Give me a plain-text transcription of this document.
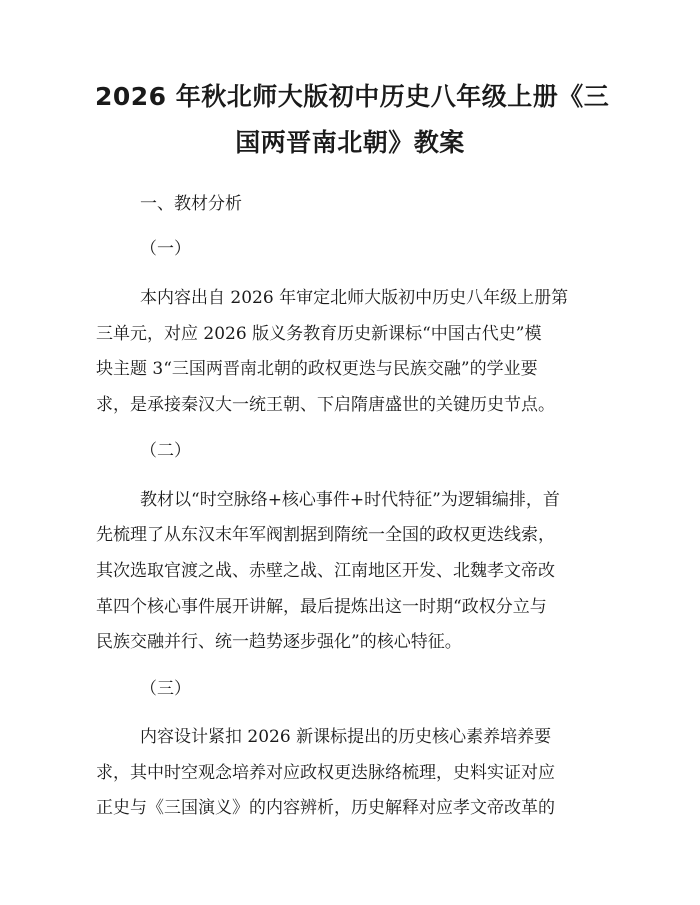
2026 年秋北师大版初中历史八年级上册《三
国两晋南北朝》教案
一、教材分析
（一）
本内容出自 2026 年审定北师大版初中历史八年级上册第
三单元，对应 2026 版义务教育历史新课标“中国古代史”模
块主题 3“三国两晋南北朝的政权更迭与民族交融”的学业要
求，是承接秦汉大一统王朝、下启隋唐盛世的关键历史节点。
（二）
教材以“时空脉络+核心事件+时代特征”为逻辑编排，首
先梳理了从东汉末年军阀割据到隋统一全国的政权更迭线索，
其次选取官渡之战、赤壁之战、江南地区开发、北魏孝文帝改
革四个核心事件展开讲解，最后提炼出这一时期“政权分立与
民族交融并行、统一趋势逐步强化”的核心特征。
（三）
内容设计紧扣 2026 新课标提出的历史核心素养培养要
求，其中时空观念培养对应政权更迭脉络梳理，史料实证对应
正史与《三国演义》的内容辨析，历史解释对应孝文帝改革的
